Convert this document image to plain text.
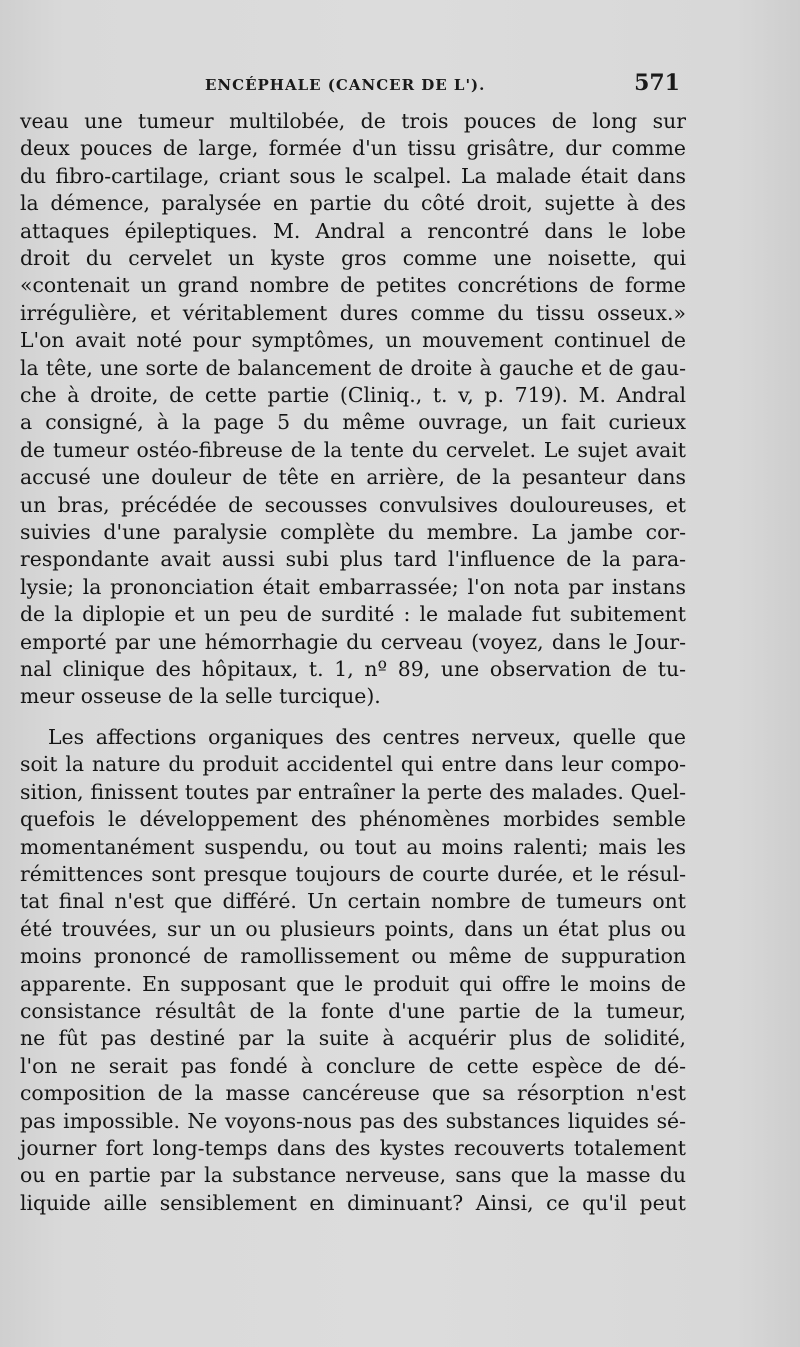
ENCÉPHALE (CANCER DE L').	571
veau une tumeur multilobée, de trois pouces de long sur
deux pouces de large, formée d'un tissu grisâtre, dur comme
du fibro-cartilage, criant sous le scalpel. La malade était dans
la démence, paralysée en partie du côté droit, sujette à des
attaques épileptiques. M. Andral a rencontré dans le lobe
droit du cervelet un kyste gros comme une noisette, qui
«contenait un grand nombre de petites concrétions de forme
irrégulière, et véritablement dures comme du tissu osseux.»
L'on avait noté pour symptômes, un mouvement continuel de
la tête, une sorte de balancement de droite à gauche et de gau-
che à droite, de cette partie (Cliniq., t. v, p. 719). M. Andral
a consigné, à la page 5 du même ouvrage, un fait curieux
de tumeur ostéo-fibreuse de la tente du cervelet. Le sujet avait
accusé une douleur de tête en arrière, de la pesanteur dans
un bras, précédée de secousses convulsives douloureuses, et
suivies d'une paralysie complète du membre. La jambe cor-
respondante avait aussi subi plus tard l'influence de la para-
lysie; la prononciation était embarrassée; l'on nota par instans
de la diplopie et un peu de surdité : le malade fut subitement
emporté par une hémorrhagie du cerveau (voyez, dans le Jour-
nal clinique des hôpitaux, t. 1, nº 89, une observation de tu-
meur osseuse de la selle turcique).
Les affections organiques des centres nerveux, quelle que
soit la nature du produit accidentel qui entre dans leur compo-
sition, finissent toutes par entraîner la perte des malades. Quel-
quefois le développement des phénomènes morbides semble
momentanément suspendu, ou tout au moins ralenti; mais les
rémittences sont presque toujours de courte durée, et le résul-
tat final n'est que différé. Un certain nombre de tumeurs ont
été trouvées, sur un ou plusieurs points, dans un état plus ou
moins prononcé de ramollissement ou même de suppuration
apparente. En supposant que le produit qui offre le moins de
consistance résultât de la fonte d'une partie de la tumeur,
ne fût pas destiné par la suite à acquérir plus de solidité,
l'on ne serait pas fondé à conclure de cette espèce de dé-
composition de la masse cancéreuse que sa résorption n'est
pas impossible. Ne voyons-nous pas des substances liquides sé-
journer fort long-temps dans des kystes recouverts totalement
ou en partie par la substance nerveuse, sans que la masse du
liquide aille sensiblement en diminuant? Ainsi, ce qu'il peut
